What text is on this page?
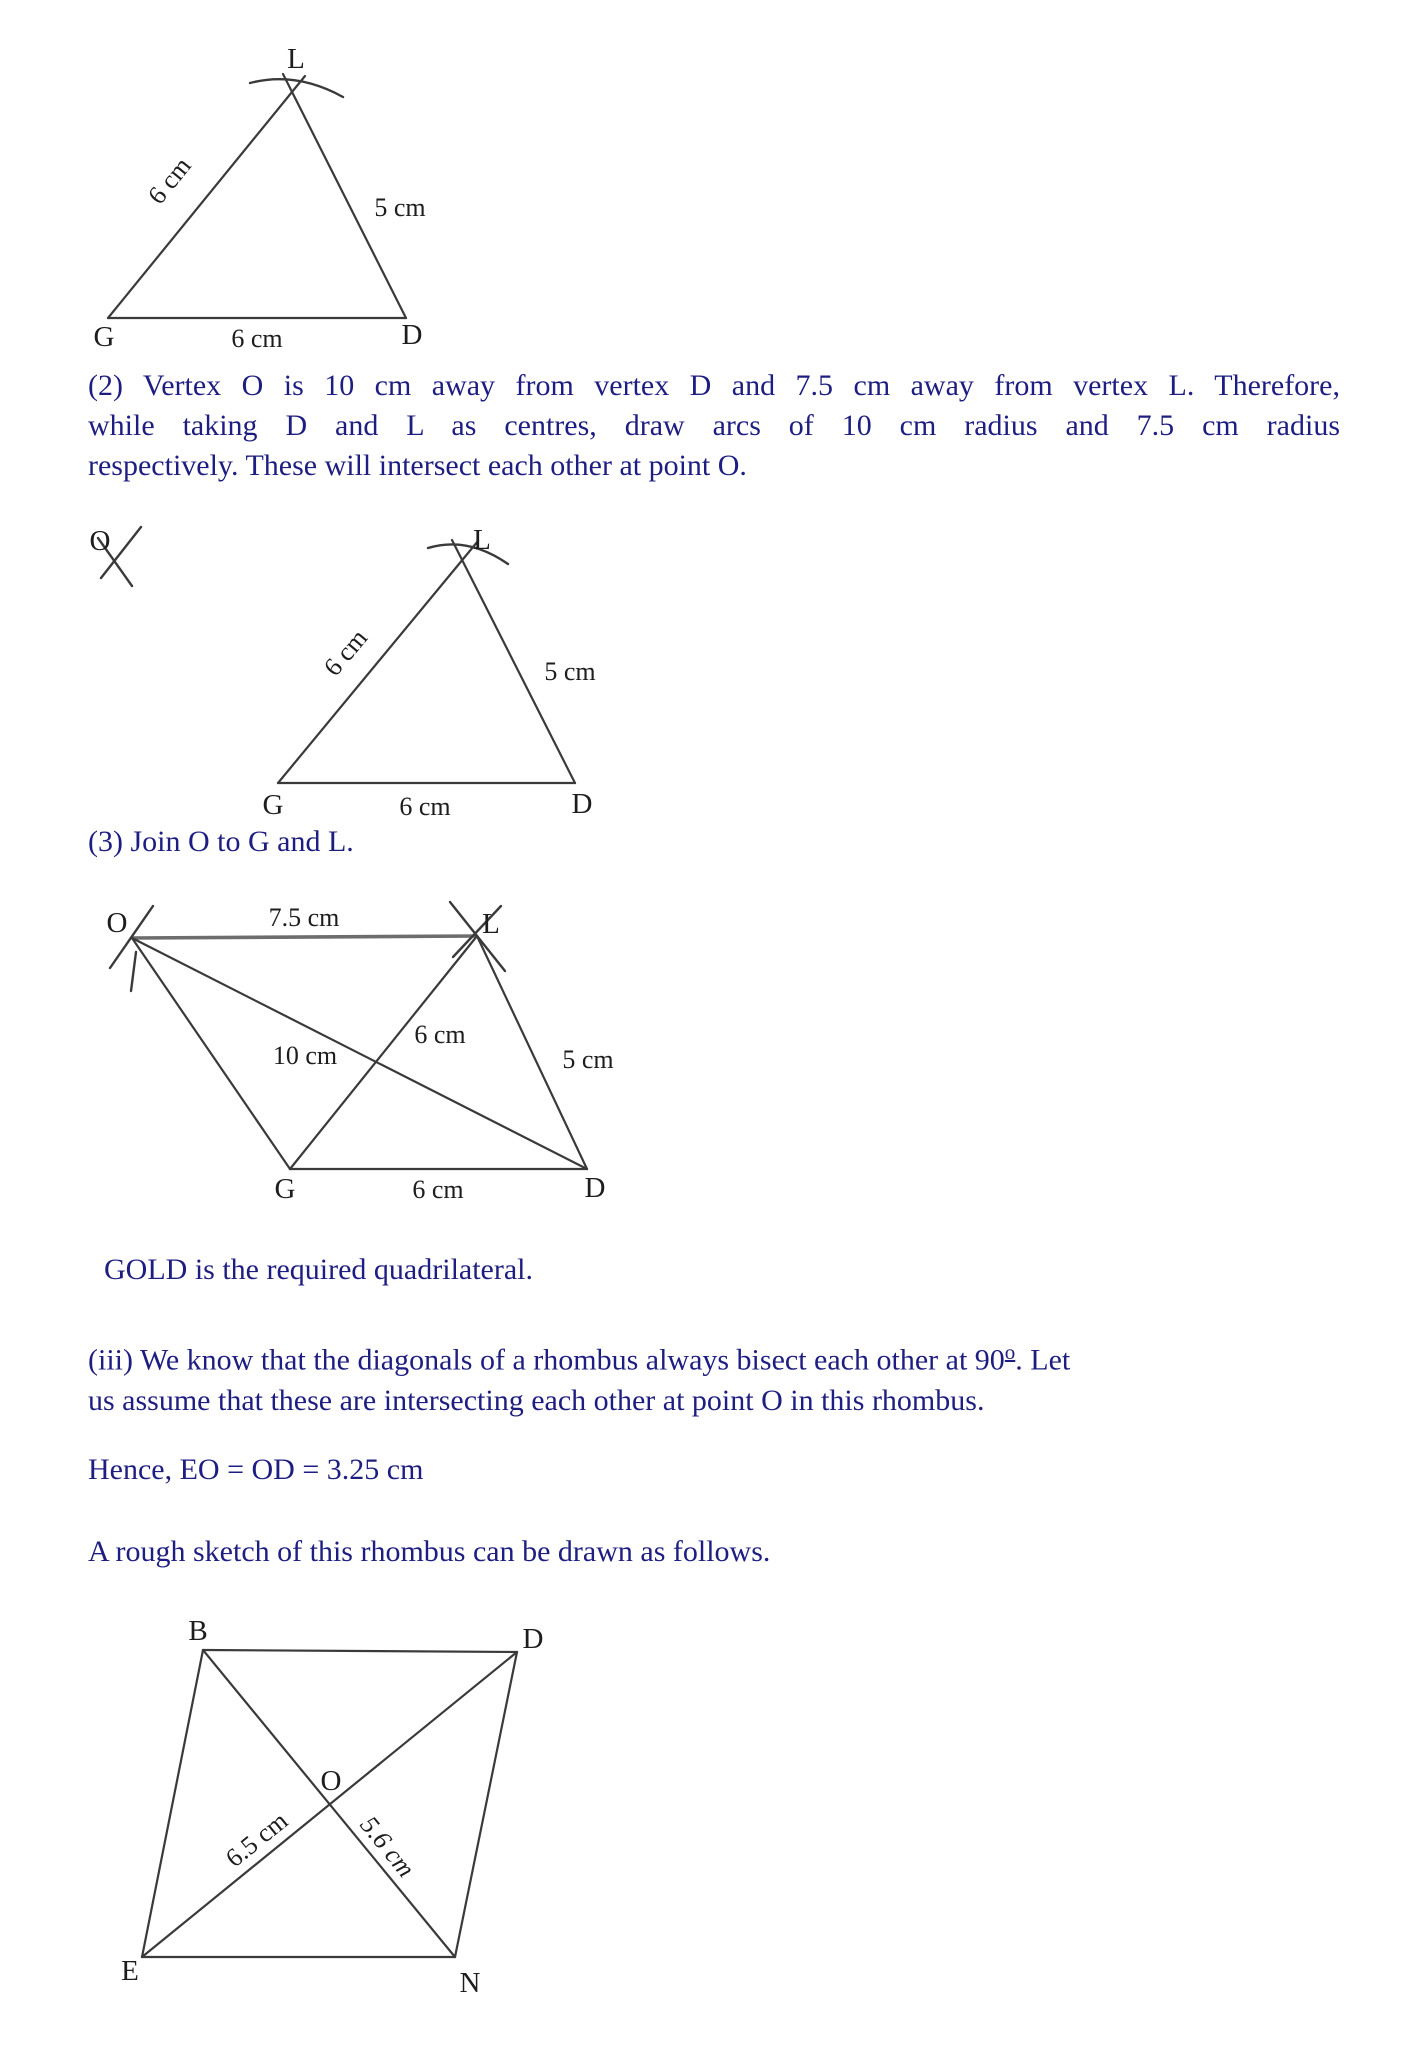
L
6 cm	5 cm
G	6 cm	D
(2) Vertex O is 10 cm away from vertex D and 7.5 cm away from vertex L. Therefore,
while taking D and L as centres, draw arcs of 10 cm radius and 7.5 cm radius
respectively. These will intersect each other at point O.
O	L
6 cm	5 cm
G	6 cm	D
(3) Join O to G and L.
O	L
7.5 cm
10 cm
6 cm
5 cm
G	6 cm	D
GOLD is the required quadrilateral.
(iii) We know that the diagonals of a rhombus always bisect each other at 90$^o$. Let
us assume that these are intersecting each other at point O in this rhombus.
Hence, EO = OD = 3.25 cm
A rough sketch of this rhombus can be drawn as follows.
B	D
O
6.5 cm 5.6 cm
E	N
